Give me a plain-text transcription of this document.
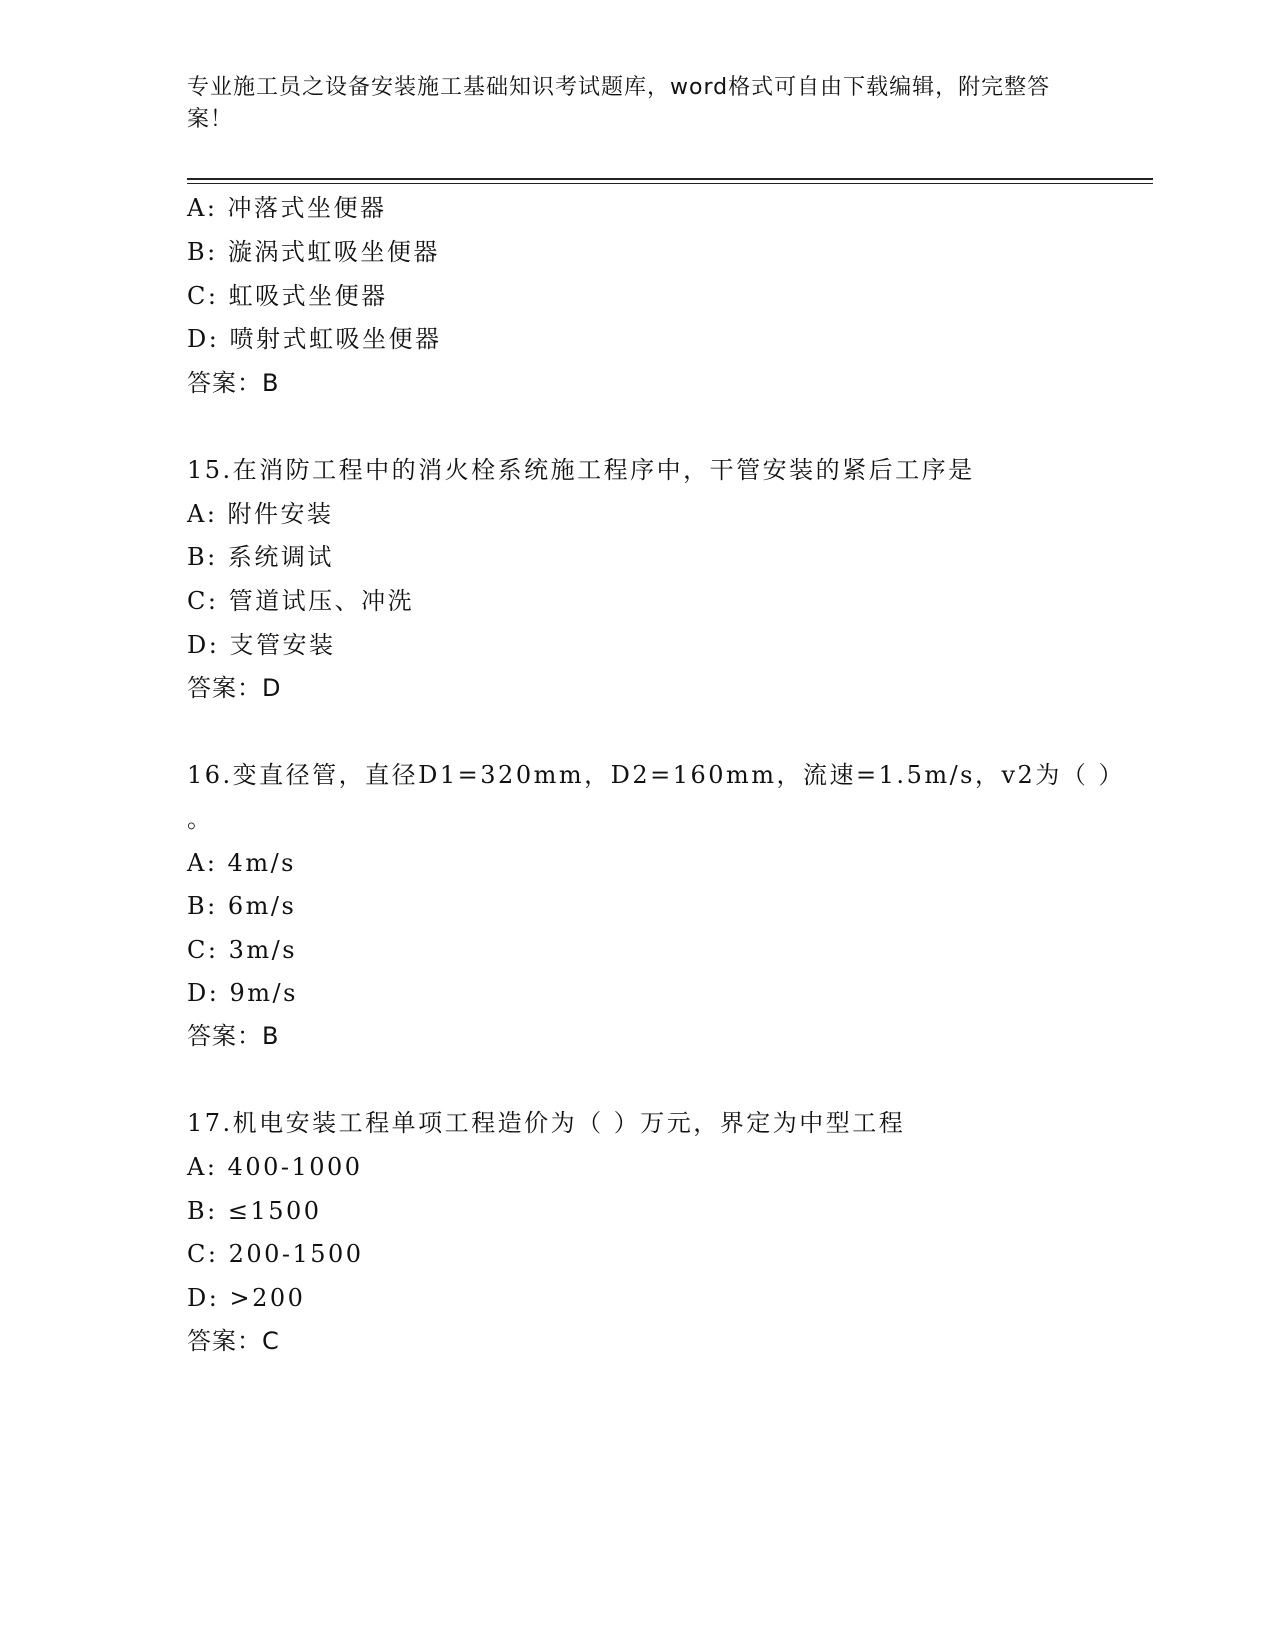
专业施工员之设备安装施工基础知识考试题库，word格式可自由下载编辑，附完整答案！
A: 冲落式坐便器
B: 漩涡式虹吸坐便器
C: 虹吸式坐便器
D: 喷射式虹吸坐便器
答案：B
15.在消防工程中的消火栓系统施工程序中，干管安装的紧后工序是
A: 附件安装
B: 系统调试
C: 管道试压、冲洗
D: 支管安装
答案：D
16.变直径管，直径D1=320mm，D2=160mm，流速=1.5m/s，v2为（ ）
。
A: 4m/s
B: 6m/s
C: 3m/s
D: 9m/s
答案：B
17.机电安装工程单项工程造价为（ ）万元，界定为中型工程
A: 400-1000
B: ≤1500
C: 200-1500
D: >200
答案：C
